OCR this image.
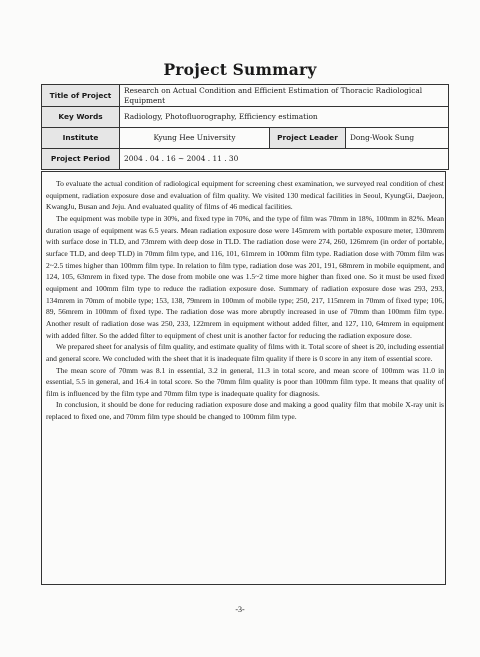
Project Summary
Title of Project	Research on Actual Condition and Efficient Estimation of Thoracic Radiological Equipment		
Key Words	Radiology, Photofluorography, Efficiency estimation		
Institute	Kyung Hee University	Project Leader	Dong-Wook Sung
Project Period	2004 . 04 . 16 ~ 2004 . 11 . 30		

To evaluate the actual condition of radiological equipment for screening chest examination, we surveyed real condition of chest equipment, radiation exposure dose and evaluation of film quality. We visited 130 medical facilities in Seoul, KyungGi, Daejeon, KwangJu, Busan and Jeju. And evaluated quality of films of 46 medical facilities.

The equipment was mobile type in 30%, and fixed type in 70%, and the type of film was 70mm in 18%, 100mm in 82%. Mean duration usage of equipment was 6.5 years. Mean radiation exposure dose were 145mrem with portable exposure meter, 130mrem with surface dose in TLD, and 73mrem with deep dose in TLD. The radiation dose were 274, 260, 126mrem (in order of portable, surface TLD, and deep TLD) in 70mm film type, and 116, 101, 61mrem in 100mm film type. Radiation dose with 70mm film was 2~2.5 times higher than 100mm film type. In relation to film type, radiation dose was 201, 191, 68mrem in mobile equipment, and 124, 105, 63mrem in fixed type. The dose from mobile one was 1.5~2 time more higher than fixed one. So it must be used fixed equipment and 100mm film type to reduce the radiation exposure dose. Summary of radiation exposure dose was 293, 293, 134mrem in 70mm of mobile type; 153, 138, 79mrem in 100mm of mobile type; 250, 217, 115mrem in 70mm of fixed type; 106, 89, 56mrem in 100mm of fixed type. The radiation dose was more abruptly increased in use of 70mm than 100mm film type. Another result of radiation dose was 250, 233, 122mrem in equipment without added filter, and 127, 110, 64mrem in equipment with added filter. So the added filter to equipment of chest unit is another factor for reducing the radiation exposure dose.

We prepared sheet for analysis of film quality, and estimate quality of films with it. Total score of sheet is 20, including essential and general score. We concluded with the sheet that it is inadequate film quality if there is 0 score in any item of essential score.

The mean score of 70mm was 8.1 in essential, 3.2 in general, 11.3 in total score, and mean score of 100mm was 11.0 in essential, 5.5 in general, and 16.4 in total score. So the 70mm film quality is poor than 100mm film type. It means that quality of film is influenced by the film type and 70mm film type is inadequate quality for diagnosis.

In conclusion, it should be done for reducing radiation exposure dose and making a good quality film that mobile X-ray unit is replaced to fixed one, and 70mm film type should be changed to 100mm film type.

-3-
